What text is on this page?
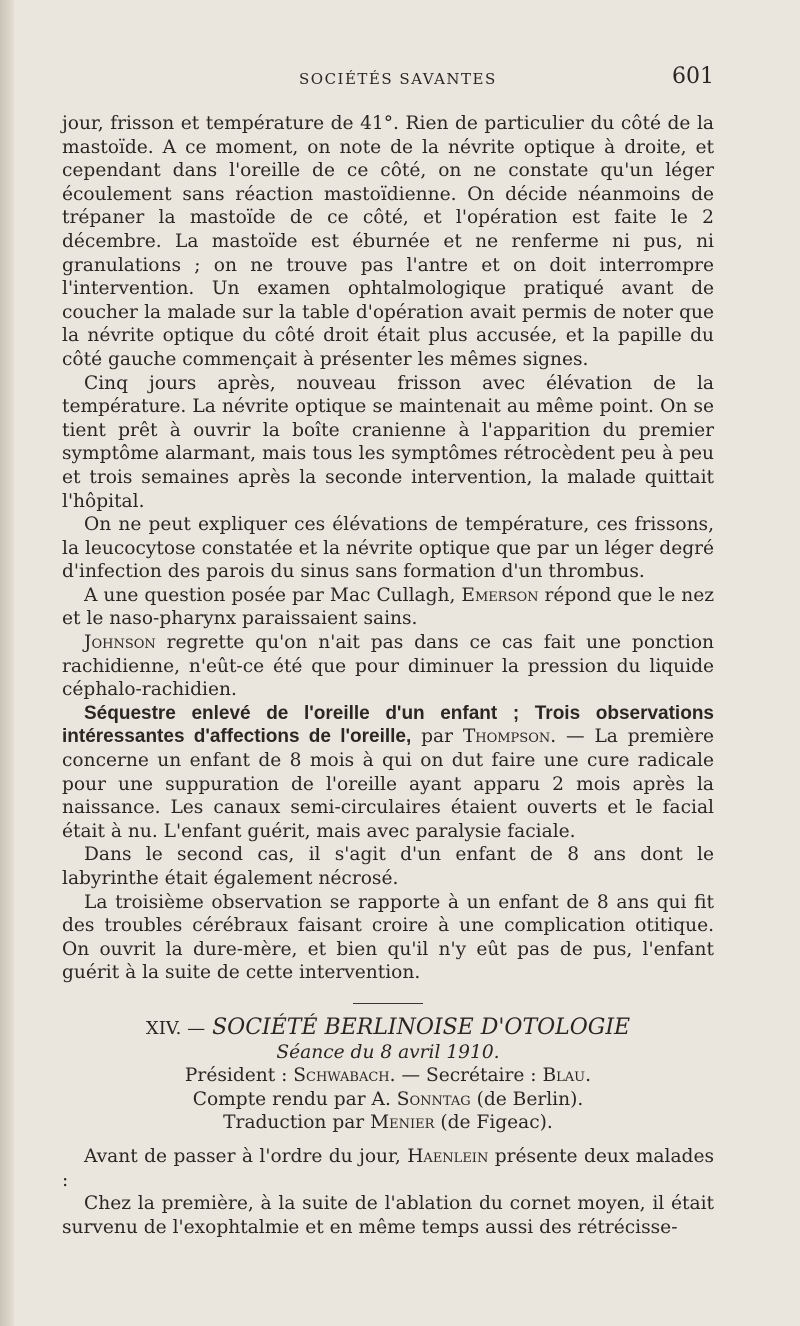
SOCIÉTÉS SAVANTES	601

jour, frisson et température de 41°. Rien de particulier du côté de la mastoïde. A ce moment, on note de la névrite optique à droite, et cependant dans l'oreille de ce côté, on ne constate qu'un léger écoulement sans réaction mastoïdienne. On décide néanmoins de trépaner la mastoïde de ce côté, et l'opération est faite le 2 décembre. La mastoïde est éburnée et ne renferme ni pus, ni granulations ; on ne trouve pas l'antre et on doit interrompre l'intervention. Un examen ophtalmologique pratiqué avant de coucher la malade sur la table d'opération avait permis de noter que la névrite optique du côté droit était plus accusée, et la papille du côté gauche commençait à présenter les mêmes signes.

Cinq jours après, nouveau frisson avec élévation de la température. La névrite optique se maintenait au même point. On se tient prêt à ouvrir la boîte cranienne à l'apparition du premier symptôme alarmant, mais tous les symptômes rétrocèdent peu à peu et trois semaines après la seconde intervention, la malade quittait l'hôpital.

On ne peut expliquer ces élévations de température, ces frissons, la leucocytose constatée et la névrite optique que par un léger degré d'infection des parois du sinus sans formation d'un thrombus.

A une question posée par Mac Cullagh, Emerson répond que le nez et le naso-pharynx paraissaient sains.

Johnson regrette qu'on n'ait pas dans ce cas fait une ponction rachidienne, n'eût-ce été que pour diminuer la pression du liquide céphalo-rachidien.

Séquestre enlevé de l'oreille d'un enfant ; Trois observations intéressantes d'affections de l'oreille, par Thompson. — La première concerne un enfant de 8 mois à qui on dut faire une cure radicale pour une suppuration de l'oreille ayant apparu 2 mois après la naissance. Les canaux semi-circulaires étaient ouverts et le facial était à nu. L'enfant guérit, mais avec paralysie faciale.

Dans le second cas, il s'agit d'un enfant de 8 ans dont le labyrinthe était également nécrosé.

La troisième observation se rapporte à un enfant de 8 ans qui fit des troubles cérébraux faisant croire à une complication otitique. On ouvrit la dure-mère, et bien qu'il n'y eût pas de pus, l'enfant guérit à la suite de cette intervention.

XIV. — SOCIÉTÉ BERLINOISE D'OTOLOGIE

Séance du 8 avril 1910.

Président : Schwabach. — Secrétaire : Blau.

Compte rendu par A. Sonntag (de Berlin).

Traduction par Menier (de Figeac).

Avant de passer à l'ordre du jour, Haenlein présente deux malades :

Chez la première, à la suite de l'ablation du cornet moyen, il était survenu de l'exophtalmie et en même temps aussi des rétrécisse-
